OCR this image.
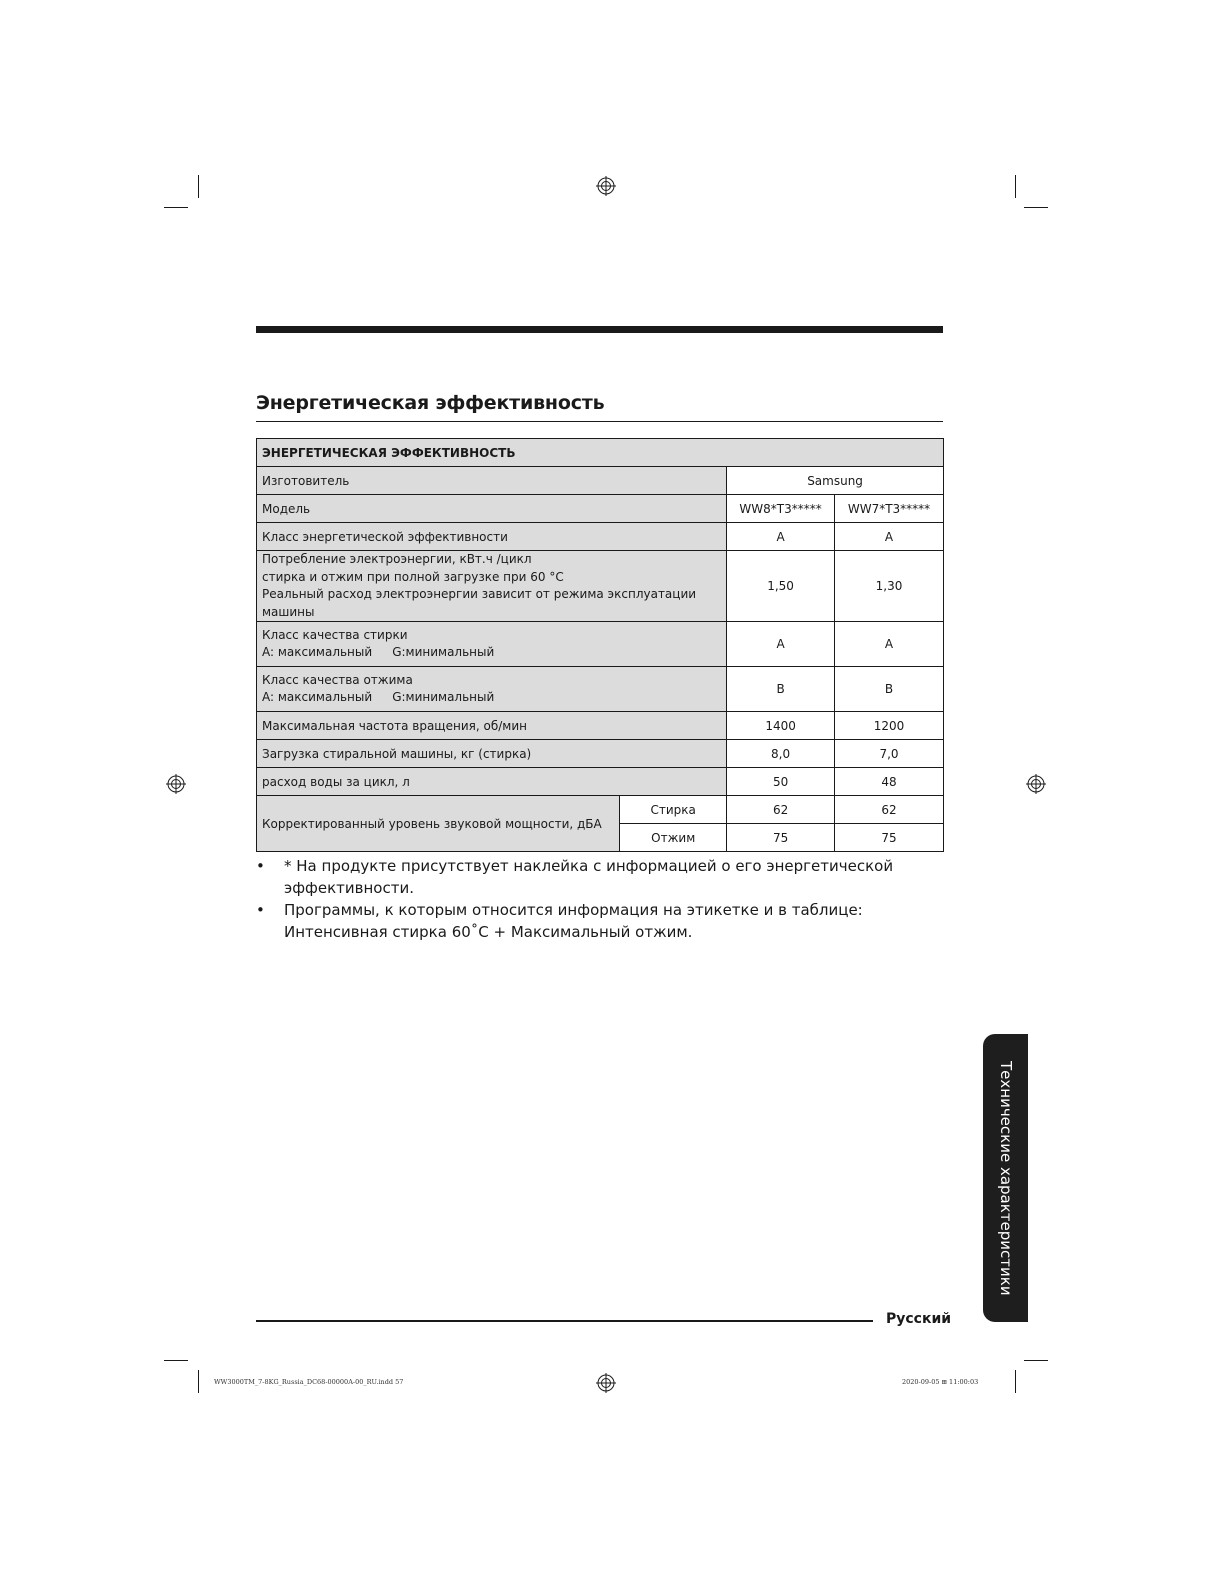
Энергетическая эффективность
ЭНЕРГЕТИЧЕСКАЯ ЭФФЕКТИВНОСТЬ			
Изготовитель		Samsung	
Модель		WW8*T3*****	WW7*T3*****
Класс энергетической эффективности		A	A

Потребление электроэнергии, кВт.ч /цикл
стирка и отжим при полной загрузке при 60 °C
Реальный расход электроэнергии зависит от режима эксплуатации машины		1,50	1,30

Класс качества стирки
A: максимальный G:минимальный		A	A

Класс качества отжима
A: максимальный G:минимальный		B	B
Максимальная частота вращения, об/мин		1400	1200
Загрузка стиральной машины, кг (стирка)		8,0	7,0
расход воды за цикл, л		50	48
Корректированный уровень звуковой мощности, дБА	Стирка	62	62
	Отжим	75	75
• * На продукте присутствует наклейка с информацией о его энергетической эффективности.
• Программы, к которым относится информация на этикетке и в таблице: Интенсивная стирка 60˚C + Максимальный отжим.
Технические характеристики
Русский
WW3000TM_7-8KG_Russia_DC68-00000A-00_RU.indd 57	2020-09-05 ⊞ 11:00:03
